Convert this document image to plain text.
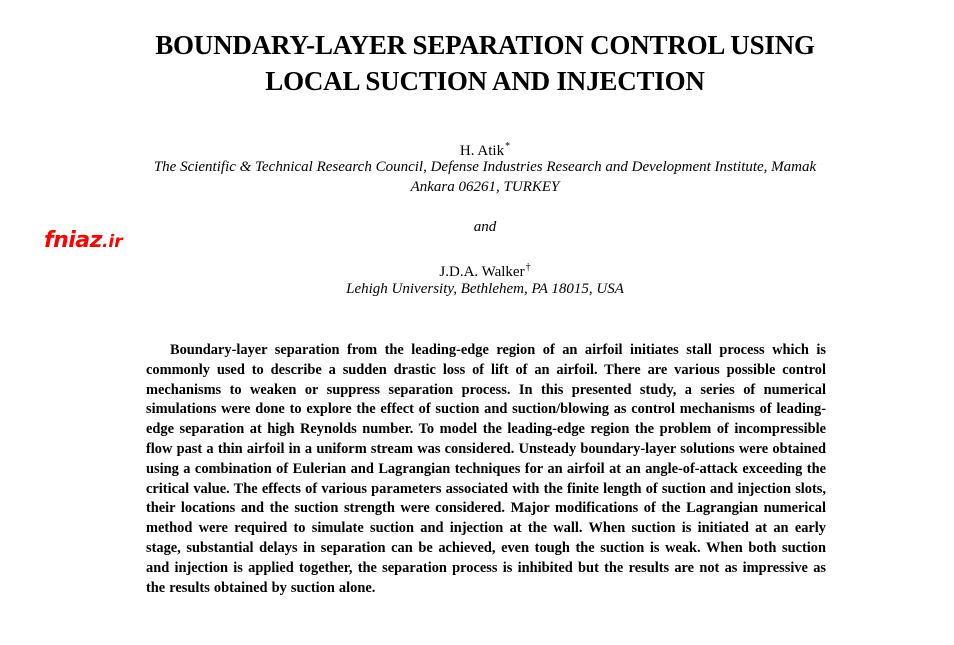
BOUNDARY-LAYER SEPARATION CONTROL USING
LOCAL SUCTION AND INJECTION
H. Atik*
The Scientific & Technical Research Council, Defense Industries Research and Development Institute, Mamak
Ankara 06261, TURKEY
and
fniaz.ir
J.D.A. Walker†
Lehigh University, Bethlehem, PA 18015, USA

Boundary-layer separation from the leading-edge region of an airfoil initiates stall process which is commonly used to describe a sudden drastic loss of lift of an airfoil. There are various possible control mechanisms to weaken or suppress separation process. In this presented study, a series of numerical simulations were done to explore the effect of suction and suction/blowing as control mechanisms of leading-edge separation at high Reynolds number. To model the leading-edge region the problem of incompressible flow past a thin airfoil in a uniform stream was considered. Unsteady boundary-layer solutions were obtained using a combination of Eulerian and Lagrangian techniques for an airfoil at an angle-of-attack exceeding the critical value. The effects of various parameters associated with the finite length of suction and injection slots, their locations and the suction strength were considered. Major modifications of the Lagrangian numerical method were required to simulate suction and injection at the wall. When suction is initiated at an early stage, substantial delays in separation can be achieved, even tough the suction is weak. When both suction and injection is applied together, the separation process is inhibited but the results are not as impressive as the results obtained by suction alone.
